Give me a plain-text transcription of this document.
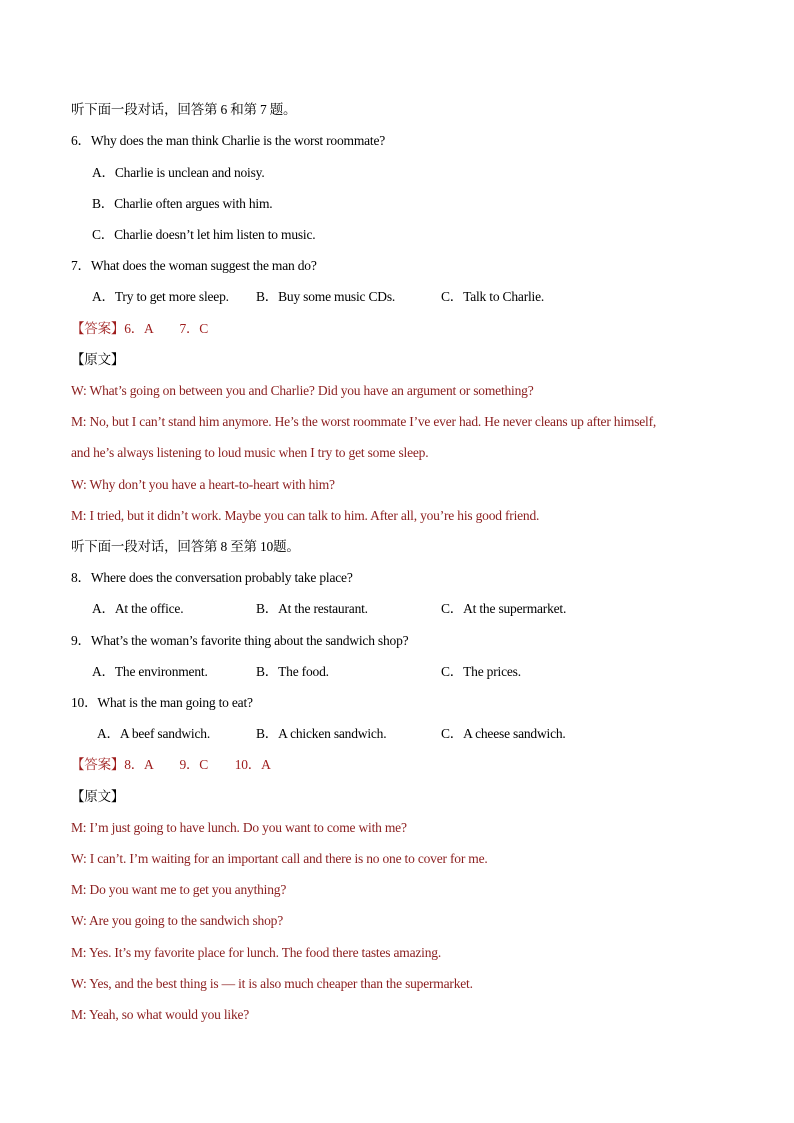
听下面一段对话，回答第 6 和第 7 题。
6．Why does the man think Charlie is the worst roommate?
A．Charlie is unclean and noisy.
B．Charlie often argues with him.
C．Charlie doesn’t let him listen to music.
7．What does the woman suggest the man do?
A．Try to get more sleep. B．Buy some music CDs.	C．Talk to Charlie.
【答案】6．A　　7．C
【原文】
W: What’s going on between you and Charlie? Did you have an argument or something?
M: No, but I can’t stand him anymore. He’s the worst roommate I’ve ever had. He never cleans up after himself,
and he’s always listening to loud music when I try to get some sleep.
W: Why don’t you have a heart-to-heart with him?
M: I tried, but it didn’t work. Maybe you can talk to him. After all, you’re his good friend.
听下面一段对话，回答第 8 至第 10题。
8．Where does the conversation probably take place?
A．At the office.	B．At the restaurant.	C．At the supermarket.
9．What’s the woman’s favorite thing about the sandwich shop?
A．The environment.	B．The food.	C．The prices.
10．What is the man going to eat?
A．A beef sandwich.	B．A chicken sandwich.	C．A cheese sandwich.
【答案】8．A　　9．C　　10．A
【原文】
M: I’m just going to have lunch. Do you want to come with me?
W: I can’t. I’m waiting for an important call and there is no one to cover for me.
M: Do you want me to get you anything?
W: Are you going to the sandwich shop?
M: Yes. It’s my favorite place for lunch. The food there tastes amazing.
W: Yes, and the best thing is — it is also much cheaper than the supermarket.
M: Yeah, so what would you like?
